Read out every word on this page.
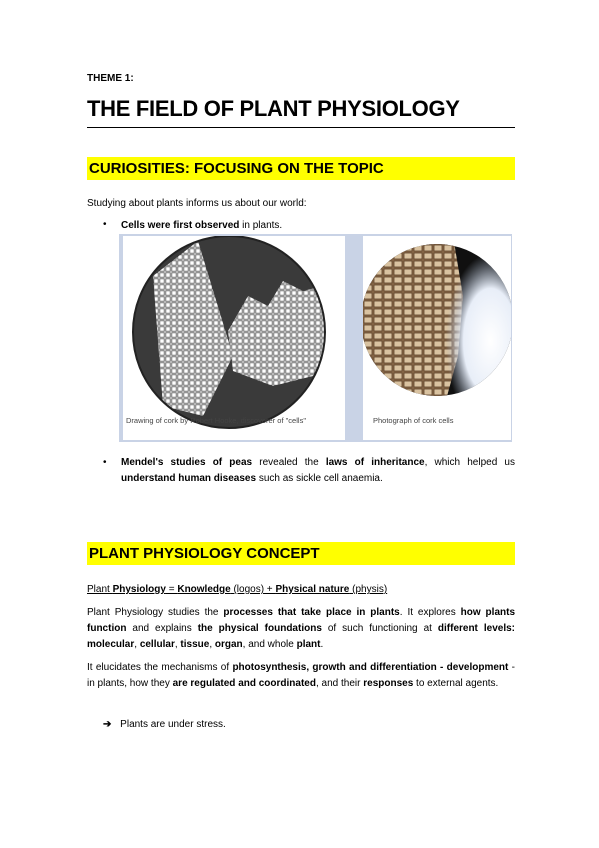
THEME 1:
THE FIELD OF PLANT PHYSIOLOGY
CURIOSITIES: FOCUSING ON THE TOPIC
Studying about plants informs us about our world:
• Cells were first observed in plants.
Drawing of cork by Robert Hooke, discoverer of "cells"	Photograph of cork cells
• Mendel's studies of peas revealed the laws of inheritance, which helped us understand human diseases such as sickle cell anaemia.
PLANT PHYSIOLOGY CONCEPT
Plant Physiology = Knowledge (logos) + Physical nature (physis)
Plant Physiology studies the processes that take place in plants. It explores how plants function and explains the physical foundations of such functioning at different levels: molecular, cellular, tissue, organ, and whole plant.
It elucidates the mechanisms of photosynthesis, growth and differentiation - development - in plants, how they are regulated and coordinated, and their responses to external agents.
➔ Plants are under stress.
